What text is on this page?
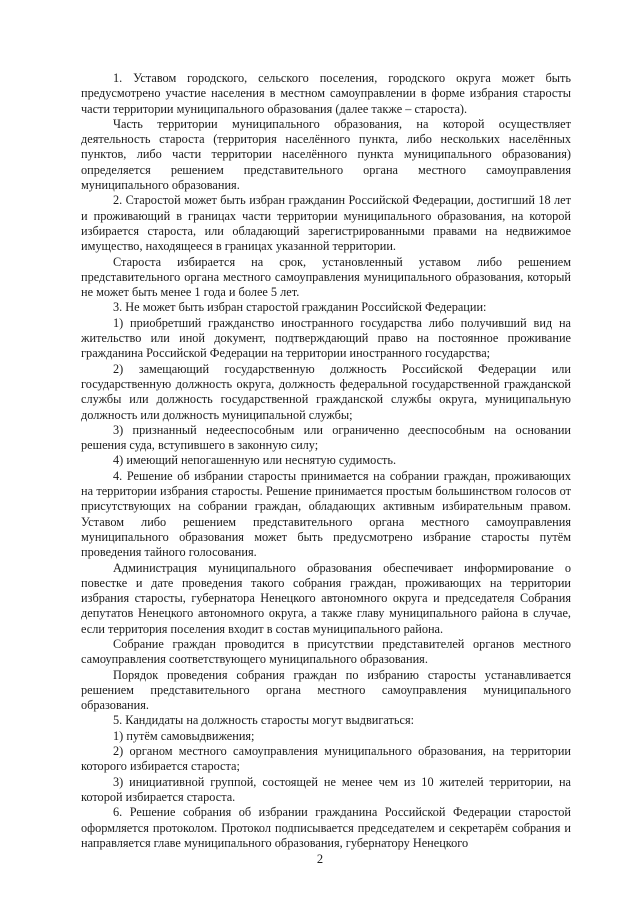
1. Уставом городского, сельского поселения, городского округа может быть предусмотрено участие населения в местном самоуправлении в форме избрания старосты части территории муниципального образования (далее также – староста).

Часть территории муниципального образования, на которой осуществляет деятельность староста (территория населённого пункта, либо нескольких населённых пунктов, либо части территории населённого пункта муниципального образования) определяется решением представительного органа местного самоуправления муниципального образования.

2. Старостой может быть избран гражданин Российской Федерации, достигший 18 лет и проживающий в границах части территории муниципального образования, на которой избирается староста, или обладающий зарегистрированными правами на недвижимое имущество, находящееся в границах указанной территории.

Староста избирается на срок, установленный уставом либо решением представительного органа местного самоуправления муниципального образования, который не может быть менее 1 года и более 5 лет.

3. Не может быть избран старостой гражданин Российской Федерации:

1) приобретший гражданство иностранного государства либо получивший вид на жительство или иной документ, подтверждающий право на постоянное проживание гражданина Российской Федерации на территории иностранного государства;

2) замещающий государственную должность Российской Федерации или государственную должность округа, должность федеральной государственной гражданской службы или должность государственной гражданской службы округа, муниципальную должность или должность муниципальной службы;

3) признанный недееспособным или ограниченно дееспособным на основании решения суда, вступившего в законную силу;

4) имеющий непогашенную или неснятую судимость.

4. Решение об избрании старосты принимается на собрании граждан, проживающих на территории избрания старосты. Решение принимается простым большинством голосов от присутствующих на собрании граждан, обладающих активным избирательным правом. Уставом либо решением представительного органа местного самоуправления муниципального образования может быть предусмотрено избрание старосты путём проведения тайного голосования.

Администрация муниципального образования обеспечивает информирование о повестке и дате проведения такого собрания граждан, проживающих на территории избрания старосты, губернатора Ненецкого автономного округа и председателя Собрания депутатов Ненецкого автономного округа, а также главу муниципального района в случае, если территория поселения входит в состав муниципального района.

Собрание граждан проводится в присутствии представителей органов местного самоуправления соответствующего муниципального образования.

Порядок проведения собрания граждан по избранию старосты устанавливается решением представительного органа местного самоуправления муниципального образования.

5. Кандидаты на должность старосты могут выдвигаться:

1) путём самовыдвижения;

2) органом местного самоуправления муниципального образования, на территории которого избирается староста;

3) инициативной группой, состоящей не менее чем из 10 жителей территории, на которой избирается староста.

6. Решение собрания об избрании гражданина Российской Федерации старостой оформляется протоколом. Протокол подписывается председателем и секретарём собрания и направляется главе муниципального образования, губернатору Ненецкого

2
